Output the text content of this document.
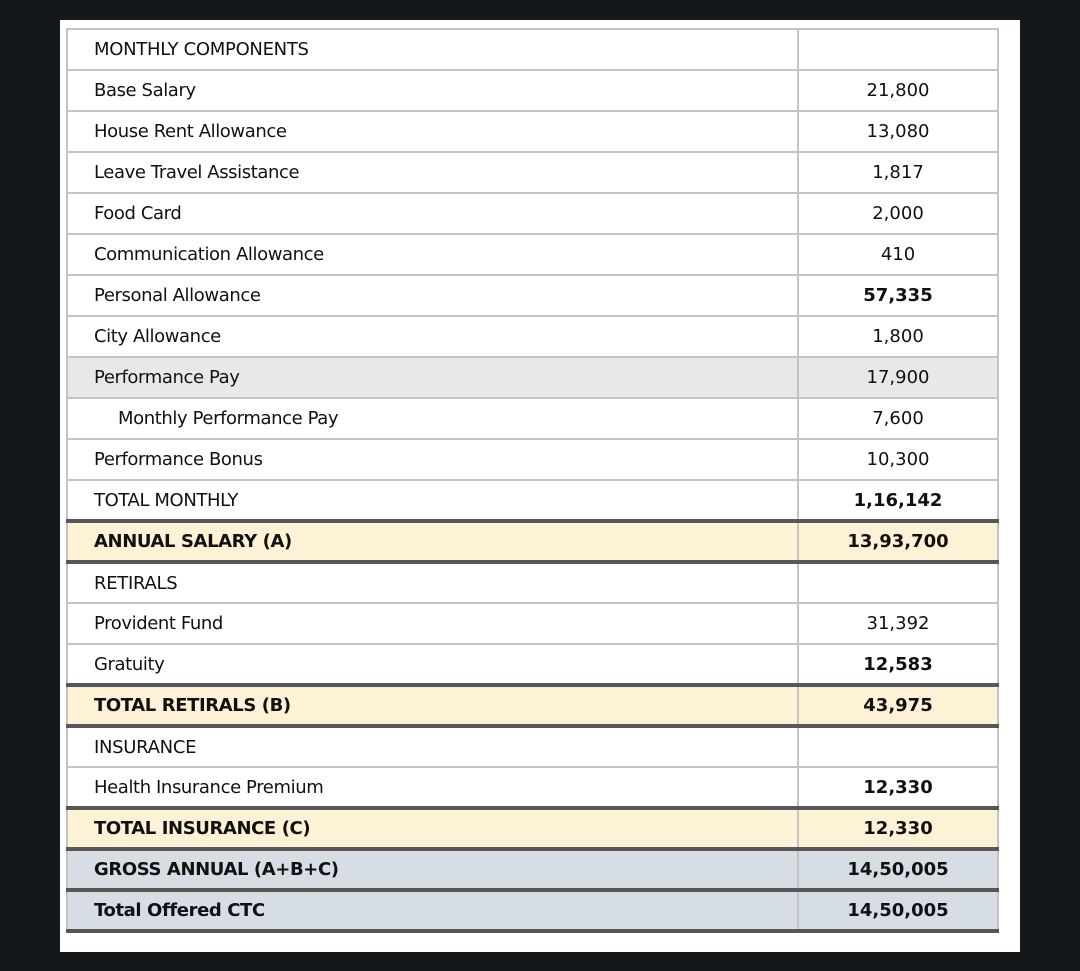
MONTHLY COMPONENTS	
Base Salary	21,800
House Rent Allowance	13,080
Leave Travel Assistance	1,817
Food Card	2,000
Communication Allowance	410
Personal Allowance	57,335
City Allowance	1,800
Performance Pay	17,900
Monthly Performance Pay	7,600
Performance Bonus	10,300
TOTAL MONTHLY	1,16,142
ANNUAL SALARY (A)	13,93,700
RETIRALS	
Provident Fund	31,392
Gratuity	12,583
TOTAL RETIRALS (B)	43,975
INSURANCE	
Health Insurance Premium	12,330
TOTAL INSURANCE (C)	12,330
GROSS ANNUAL (A+B+C)	14,50,005
Total Offered CTC	14,50,005
